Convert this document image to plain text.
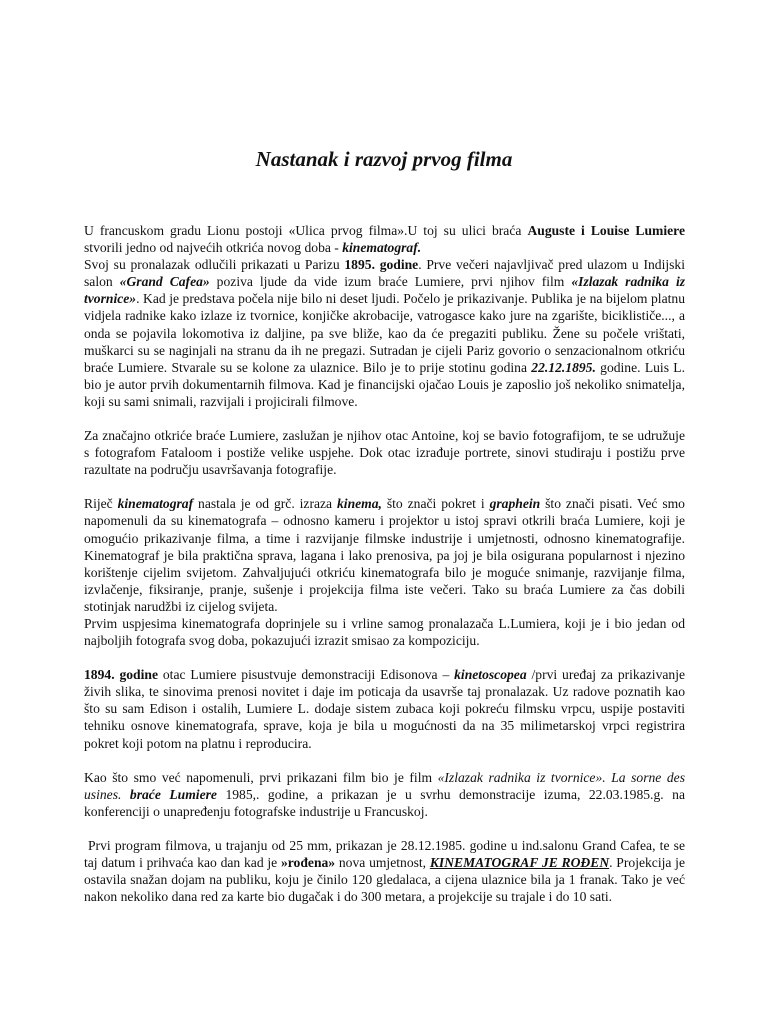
Nastanak i razvoj prvog filma

U francuskom gradu Lionu postoji «Ulica prvog filma».U toj su ulici braća Auguste i Louise Lumiere stvorili jedno od najvećih otkrića novog doba - kinematograf.
Svoj su pronalazak odlučili prikazati u Parizu 1895. godine. Prve večeri najavljivač pred ulazom u Indijski salon «Grand Cafea» poziva ljude da vide izum braće Lumiere, prvi njihov film «Izlazak radnika iz tvornice». Kad je predstava počela nije bilo ni deset ljudi. Počelo je prikazivanje. Publika je na bijelom platnu vidjela radnike kako izlaze iz tvornice, konjičke akrobacije, vatrogasce kako jure na zgarište, biciklističe..., a onda se pojavila lokomotiva iz daljine, pa sve bliže, kao da će pregaziti publiku. Žene su počele vrištati, muškarci su se naginjali na stranu da ih ne pregazi. Sutradan je cijeli Pariz govorio o senzacionalnom otkriću braće Lumiere. Stvarale su se kolone za ulaznice. Bilo je to prije stotinu godina 22.12.1895. godine. Luis L. bio je autor prvih dokumentarnih filmova. Kad je financijski ojačao Louis je zaposlio još nekoliko snimatelja, koji su sami snimali, razvijali i projicirali filmove.

Za značajno otkriće braće Lumiere, zaslužan je njihov otac Antoine, koj se bavio fotografijom, te se udružuje s fotografom Fataloom i postiže velike uspjehe. Dok otac izrađuje portrete, sinovi studiraju i postižu prve razultate na području usavršavanja fotografije.

Riječ kinematograf nastala je od grč. izraza kinema, što znači pokret i graphein što znači pisati. Već smo napomenuli da su kinematografa – odnosno kameru i projektor u istoj spravi otkrili braća Lumiere, koji je omogućio prikazivanje filma, a time i razvijanje filmske industrije i umjetnosti, odnosno kinematografije. Kinematograf je bila praktična sprava, lagana i lako prenosiva, pa joj je bila osigurana popularnost i njezino korištenje cijelim svijetom. Zahvaljujući otkriću kinematografa bilo je moguće snimanje, razvijanje filma, izvlačenje, fiksiranje, pranje, sušenje i projekcija filma iste večeri. Tako su braća Lumiere za čas dobili stotinjak narudžbi iz cijelog svijeta.
Prvim uspjesima kinematografa doprinjele su i vrline samog pronalazača L.Lumiera, koji je i bio jedan od najboljih fotografa svog doba, pokazujući izrazit smisao za kompoziciju.

1894. godine otac Lumiere pisustvuje demonstraciji Edisonova – kinetoscopea /prvi uređaj za prikazivanje živih slika, te sinovima prenosi novitet i daje im poticaja da usavrše taj pronalazak. Uz radove poznatih kao što su sam Edison i ostalih, Lumiere L. dodaje sistem zubaca koji pokreću filmsku vrpcu, uspije postaviti tehniku osnove kinematografa, sprave, koja je bila u mogućnosti da na 35 milimetarskoj vrpci registrira pokret koji potom na platnu i reproducira.

Kao što smo već napomenuli, prvi prikazani film bio je film «Izlazak radnika iz tvornice». La sorne des usines. braće Lumiere 1985,. godine, a prikazan je u svrhu demonstracije izuma, 22.03.1985.g. na konferenciji o unapređenju fotografske industrije u Francuskoj.

Prvi program filmova, u trajanju od 25 mm, prikazan je 28.12.1985. godine u ind.salonu Grand Cafea, te se taj datum i prihvaća kao dan kad je »rođena» nova umjetnost, KINEMATOGRAF JE ROĐEN. Projekcija je ostavila snažan dojam na publiku, koju je činilo 120 gledalaca, a cijena ulaznice bila ja 1 franak. Tako je već nakon nekoliko dana red za karte bio dugačak i do 300 metara, a projekcije su trajale i do 10 sati.
